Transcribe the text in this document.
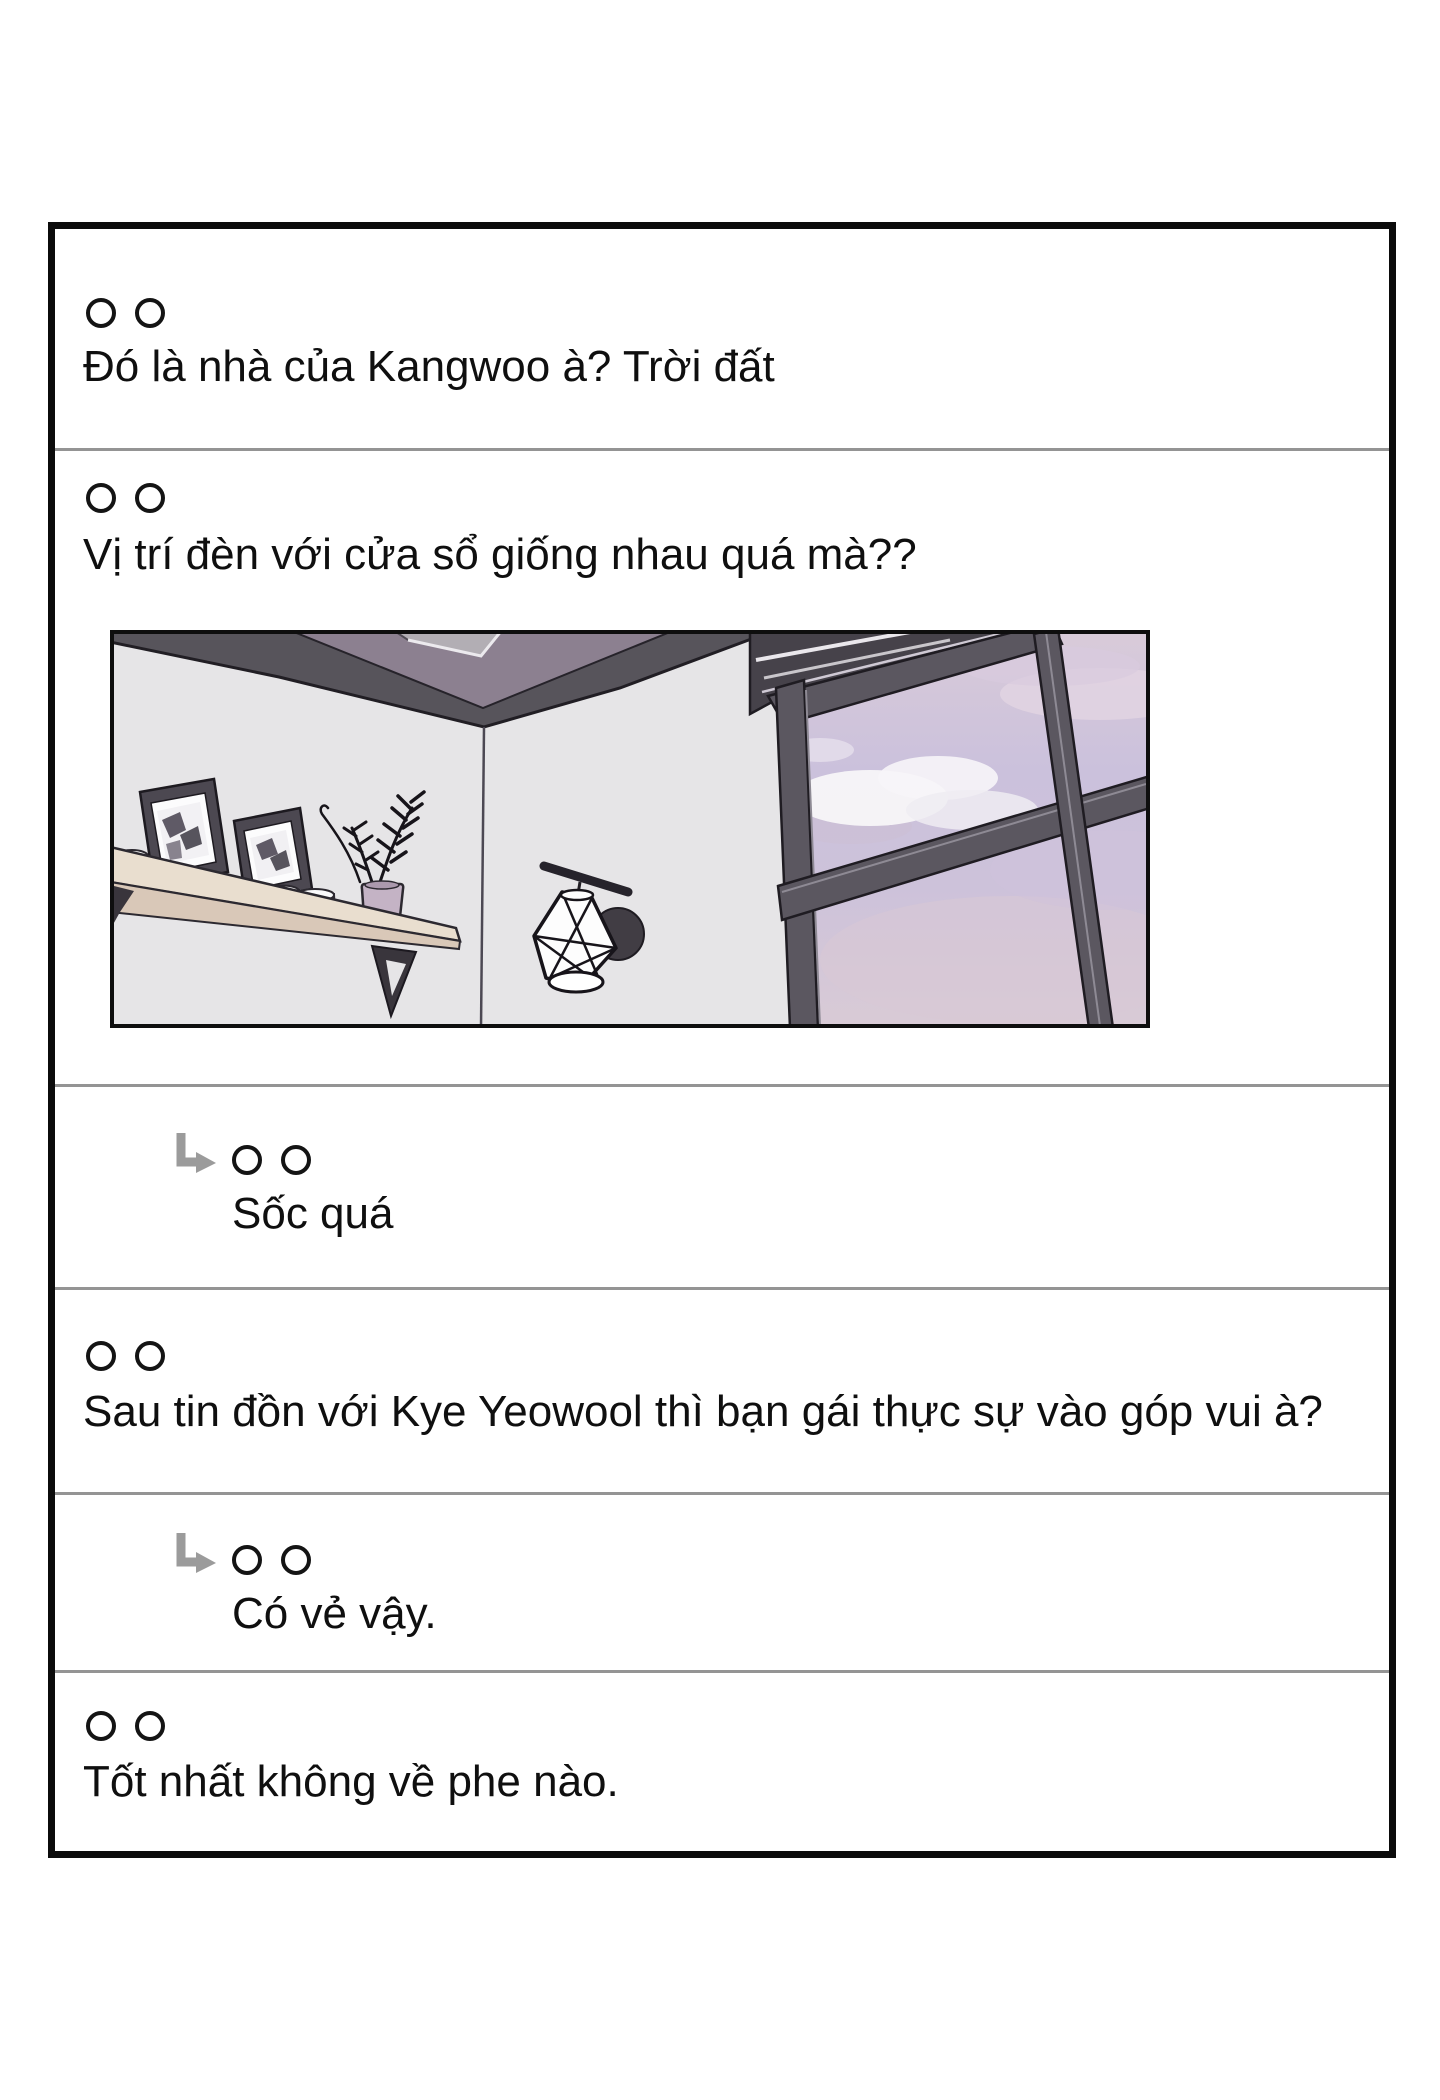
Đó là nhà của Kangwoo à? Trời đất
Vị trí đèn với cửa sổ giống nhau quá mà??
Sốc quá
Sau tin đồn với Kye Yeowool thì bạn gái thực sự vào góp vui à?
Có vẻ vậy.
Tốt nhất không về phe nào.
